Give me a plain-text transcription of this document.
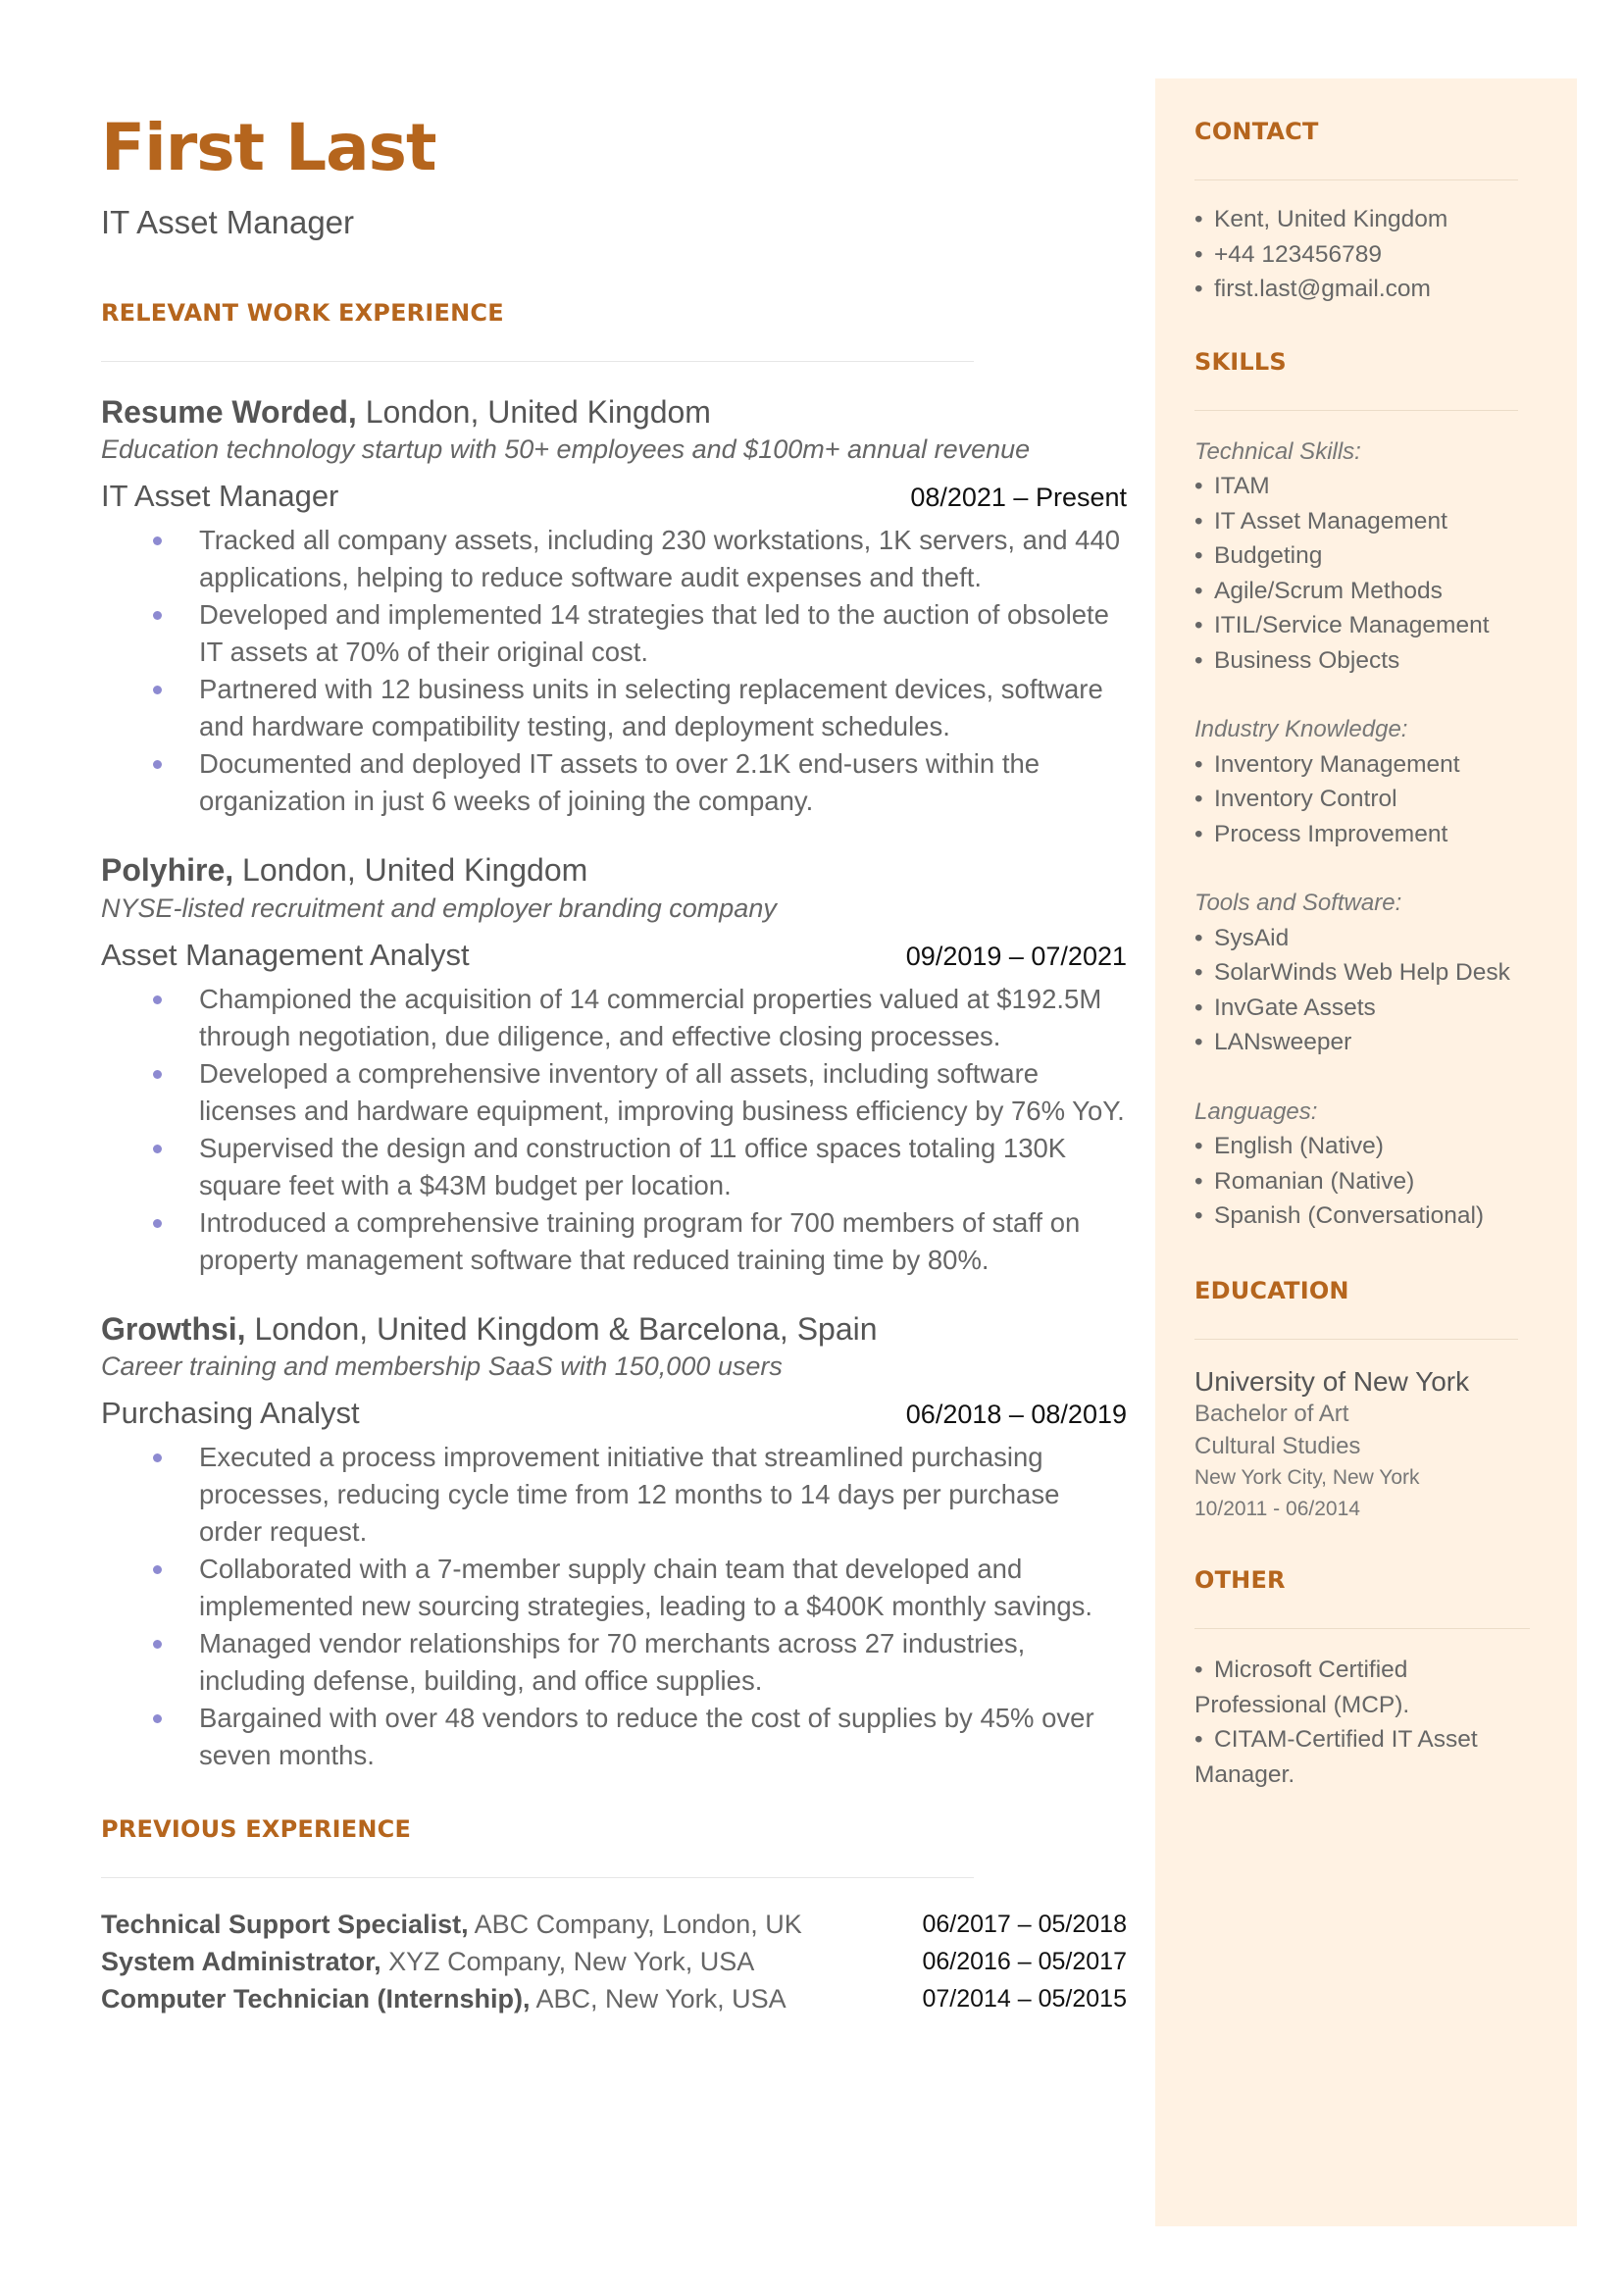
First Last
IT Asset Manager
RELEVANT WORK EXPERIENCE
Resume Worded, London, United Kingdom
Education technology startup with 50+ employees and $100m+ annual revenue
IT Asset Manager	08/2021 – Present
Tracked all company assets, including 230 workstations, 1K servers, and 440 applications, helping to reduce software audit expenses and theft.
Developed and implemented 14 strategies that led to the auction of obsolete IT assets at 70% of their original cost.
Partnered with 12 business units in selecting replacement devices, software and hardware compatibility testing, and deployment schedules.
Documented and deployed IT assets to over 2.1K end-users within the organization in just 6 weeks of joining the company.
Polyhire, London, United Kingdom
NYSE-listed recruitment and employer branding company
Asset Management Analyst	09/2019 – 07/2021
Championed the acquisition of 14 commercial properties valued at $192.5M through negotiation, due diligence, and effective closing processes.
Developed a comprehensive inventory of all assets, including software licenses and hardware equipment, improving business efficiency by 76% YoY.
Supervised the design and construction of 11 office spaces totaling 130K square feet with a $43M budget per location.
Introduced a comprehensive training program for 700 members of staff on property management software that reduced training time by 80%.
Growthsi, London, United Kingdom & Barcelona, Spain
Career training and membership SaaS with 150,000 users
Purchasing Analyst	06/2018 – 08/2019
Executed a process improvement initiative that streamlined purchasing processes, reducing cycle time from 12 months to 14 days per purchase order request.
Collaborated with a 7-member supply chain team that developed and implemented new sourcing strategies, leading to a $400K monthly savings.
Managed vendor relationships for 70 merchants across 27 industries, including defense, building, and office supplies.
Bargained with over 48 vendors to reduce the cost of supplies by 45% over seven months.
PREVIOUS EXPERIENCE
Technical Support Specialist, ABC Company, London, UK	06/2017 – 05/2018
System Administrator, XYZ Company, New York, USA	06/2016 – 05/2017
Computer Technician (Internship), ABC, New York, USA	07/2014 – 05/2015
CONTACT
• Kent, United Kingdom
• +44 123456789
• first.last@gmail.com
SKILLS
Technical Skills:
• ITAM
• IT Asset Management
• Budgeting
• Agile/Scrum Methods
• ITIL/Service Management
• Business Objects
Industry Knowledge:
• Inventory Management
• Inventory Control
• Process Improvement
Tools and Software:
• SysAid
• SolarWinds Web Help Desk
• InvGate Assets
• LANsweeper
Languages:
• English (Native)
• Romanian (Native)
• Spanish (Conversational)
EDUCATION
University of New York
Bachelor of Art
Cultural Studies
New York City, New York
10/2011 - 06/2014
OTHER
• Microsoft Certified Professional (MCP).
• CITAM-Certified IT Asset Manager.
